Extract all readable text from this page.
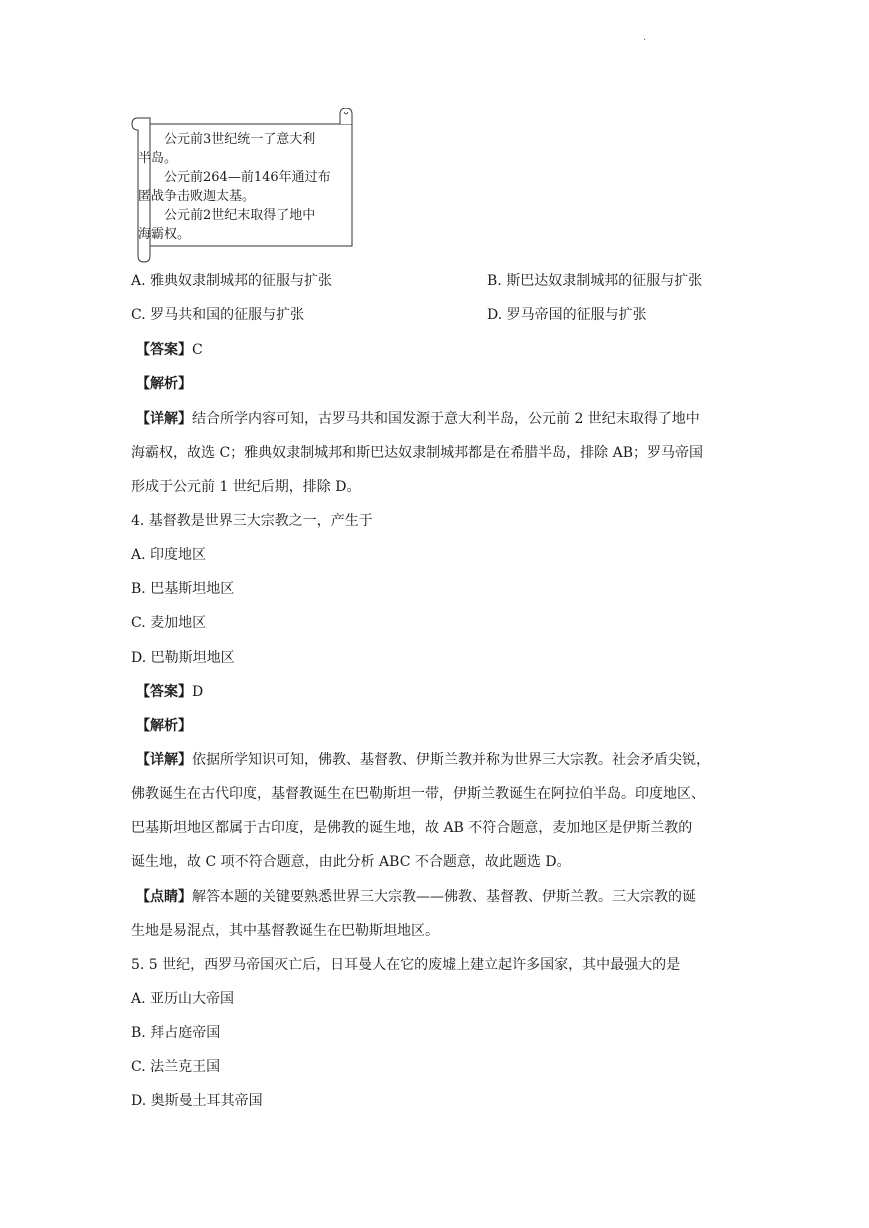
.
　　公元前3世纪统一了意大利
半岛。
　　公元前264—前146年通过布
匿战争击败迦太基。
　　公元前2世纪末取得了地中
海霸权。
A. 雅典奴隶制城邦的征服与扩张	B. 斯巴达奴隶制城邦的征服与扩张
C. 罗马共和国的征服与扩张	D. 罗马帝国的征服与扩张
【答案】C
【解析】
【详解】结合所学内容可知，古罗马共和国发源于意大利半岛，公元前 2 世纪末取得了地中
海霸权，故选 C；雅典奴隶制城邦和斯巴达奴隶制城邦都是在希腊半岛，排除 AB；罗马帝国
形成于公元前 1 世纪后期，排除 D。
4. 基督教是世界三大宗教之一，产生于
A. 印度地区
B. 巴基斯坦地区
C. 麦加地区
D. 巴勒斯坦地区
【答案】D
【解析】
【详解】依据所学知识可知，佛教、基督教、伊斯兰教并称为世界三大宗教。社会矛盾尖锐，
佛教诞生在古代印度，基督教诞生在巴勒斯坦一带，伊斯兰教诞生在阿拉伯半岛。印度地区、
巴基斯坦地区都属于古印度，是佛教的诞生地，故 AB 不符合题意，麦加地区是伊斯兰教的
诞生地，故 C 项不符合题意，由此分析 ABC 不合题意，故此题选 D。
【点睛】解答本题的关键要熟悉世界三大宗教——佛教、基督教、伊斯兰教。三大宗教的诞
生地是易混点，其中基督教诞生在巴勒斯坦地区。
5. 5 世纪，西罗马帝国灭亡后，日耳曼人在它的废墟上建立起许多国家，其中最强大的是
A. 亚历山大帝国
B. 拜占庭帝国
C. 法兰克王国
D. 奥斯曼土耳其帝国
